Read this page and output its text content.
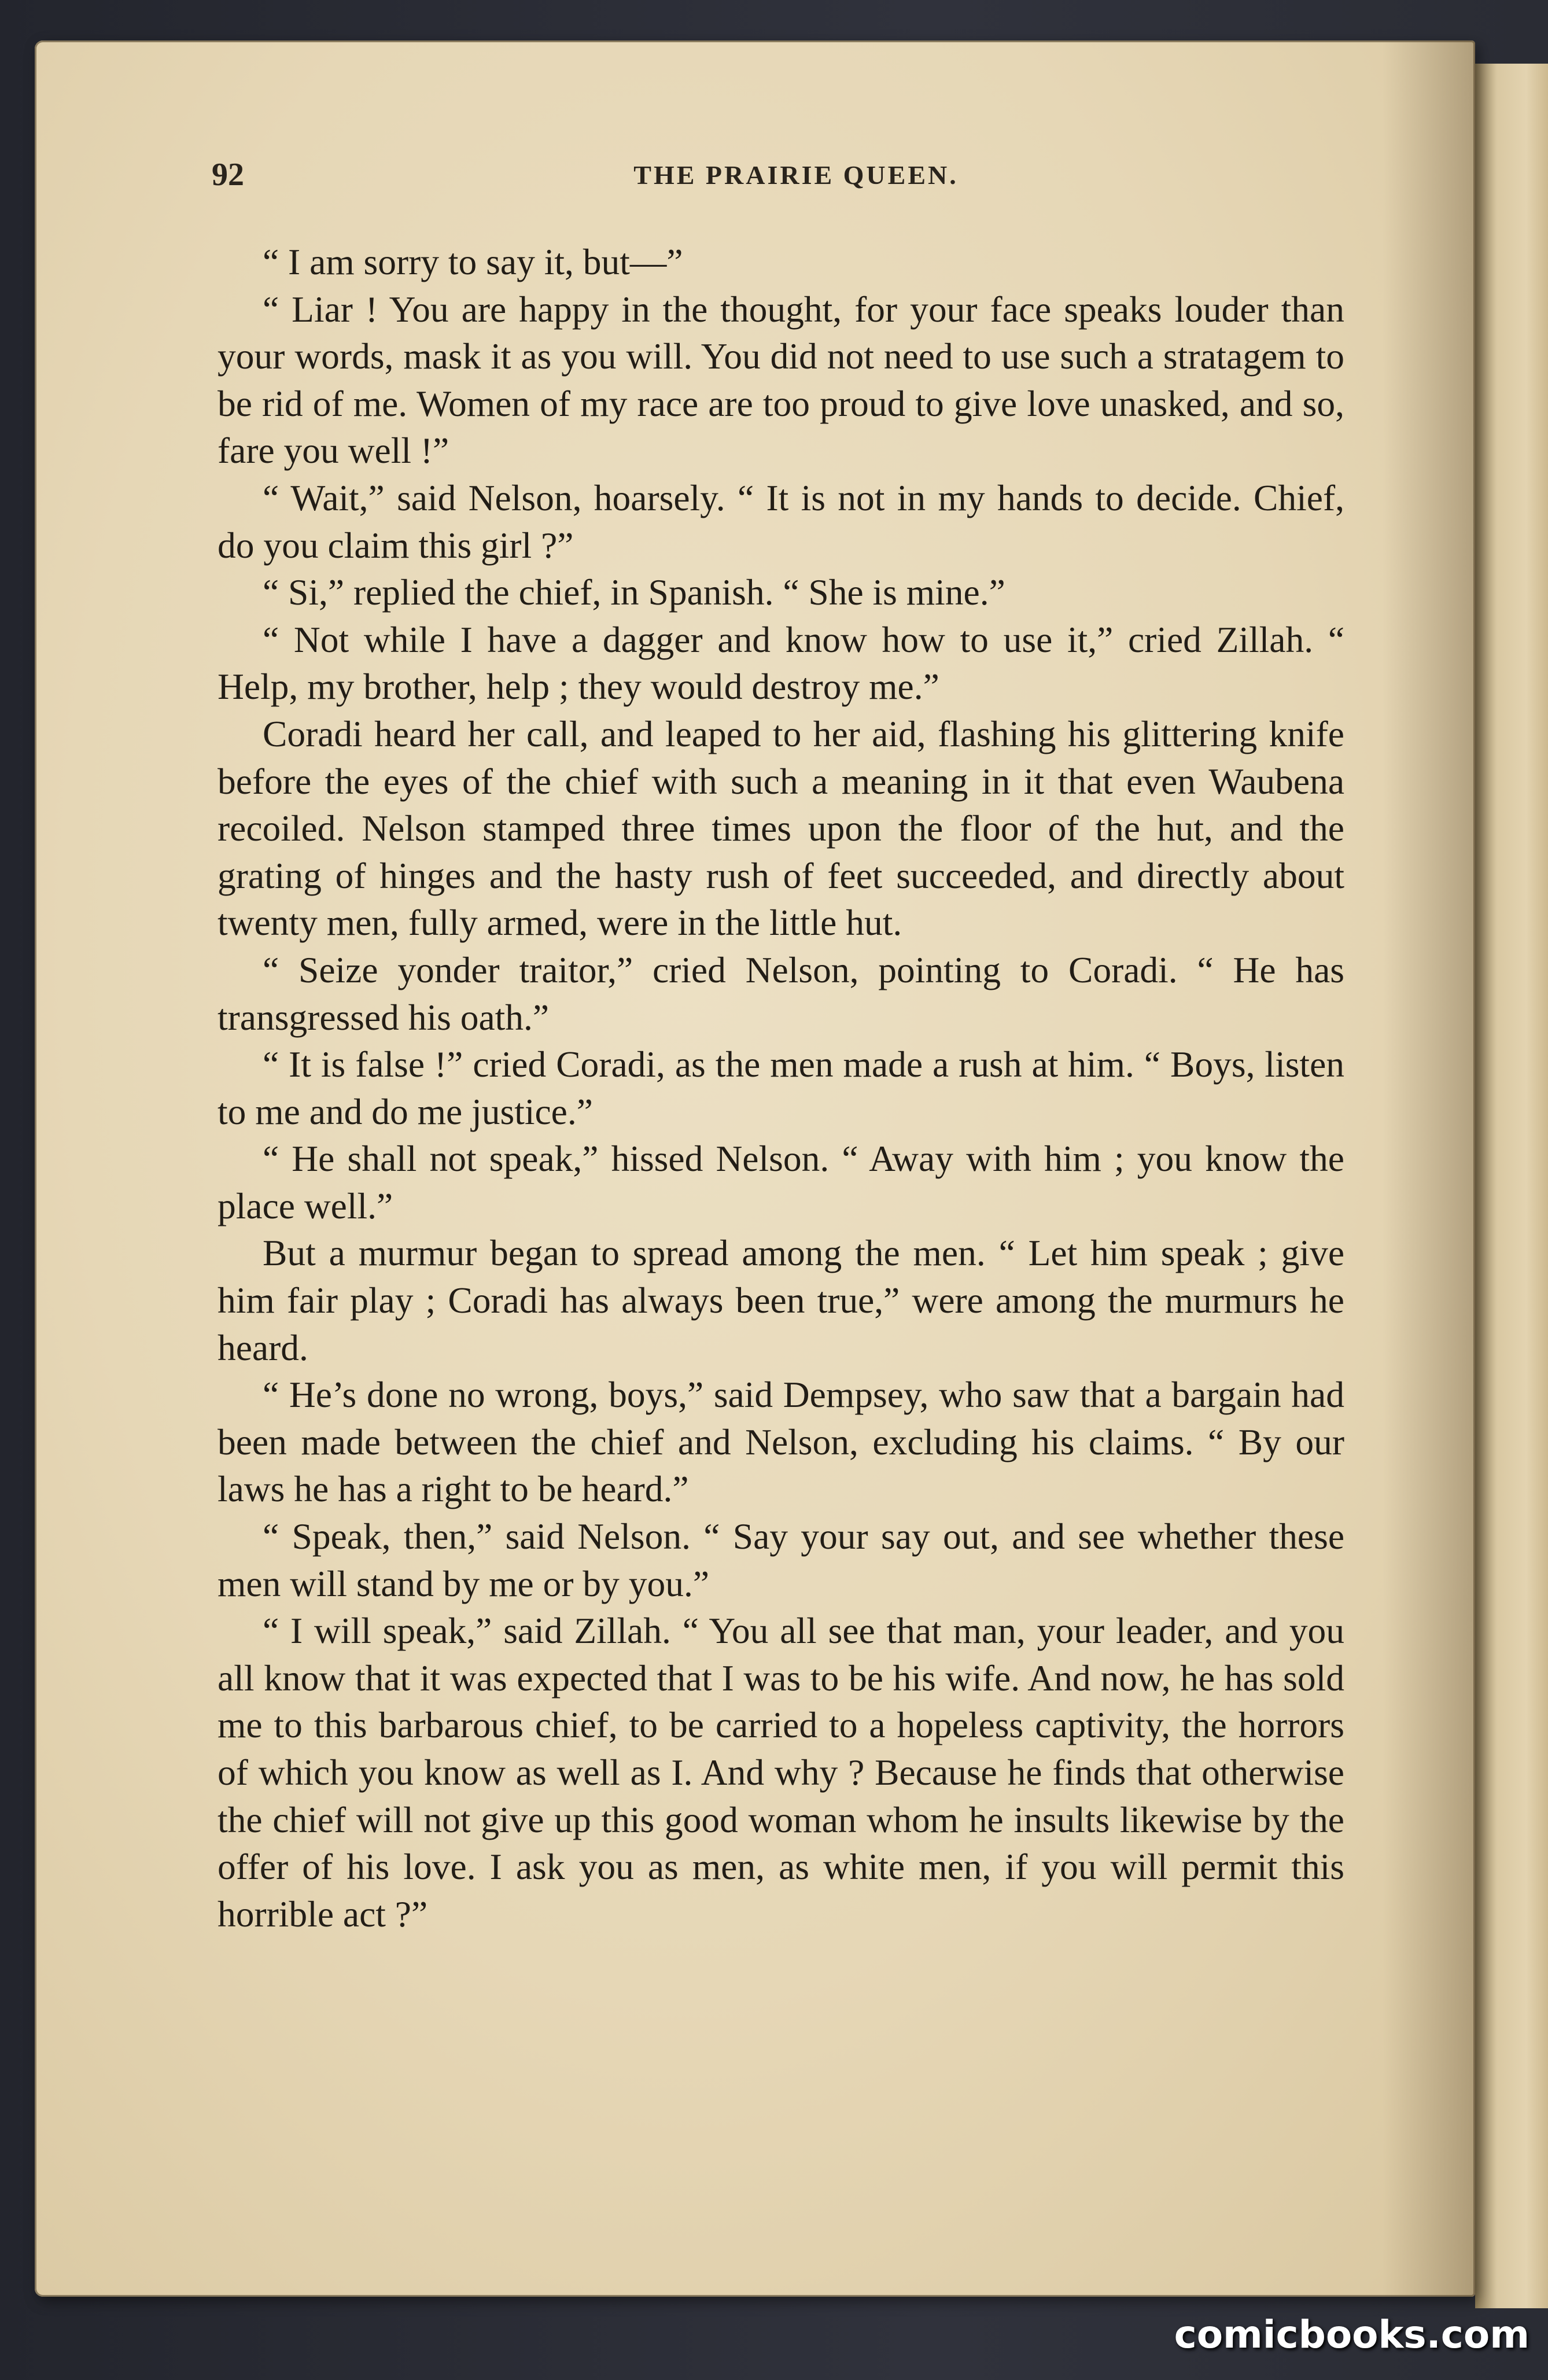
92	THE PRAIRIE QUEEN.

“ I am sorry to say it, but—”

“ Liar ! You are happy in the thought, for your face speaks louder than your words, mask it as you will. You did not need to use such a stratagem to be rid of me. Women of my race are too proud to give love unasked, and so, fare you well !”

“ Wait,” said Nelson, hoarsely. “ It is not in my hands to decide. Chief, do you claim this girl ?”

“ Si,” replied the chief, in Spanish. “ She is mine.”

“ Not while I have a dagger and know how to use it,” cried Zillah. “ Help, my brother, help ; they would destroy me.”

Coradi heard her call, and leaped to her aid, flashing his glittering knife before the eyes of the chief with such a meaning in it that even Waubena recoiled. Nelson stamped three times upon the floor of the hut, and the grating of hinges and the hasty rush of feet succeeded, and directly about twenty men, fully armed, were in the little hut.

“ Seize yonder traitor,” cried Nelson, pointing to Coradi. “ He has transgressed his oath.”

“ It is false !” cried Coradi, as the men made a rush at him. “ Boys, listen to me and do me justice.”

“ He shall not speak,” hissed Nelson. “ Away with him ; you know the place well.”

But a murmur began to spread among the men. “ Let him speak ; give him fair play ; Coradi has always been true,” were among the murmurs he heard.

“ He’s done no wrong, boys,” said Dempsey, who saw that a bargain had been made between the chief and Nelson, excluding his claims. “ By our laws he has a right to be heard.”

“ Speak, then,” said Nelson. “ Say your say out, and see whether these men will stand by me or by you.”

“ I will speak,” said Zillah. “ You all see that man, your leader, and you all know that it was expected that I was to be his wife. And now, he has sold me to this barbarous chief, to be carried to a hopeless captivity, the horrors of which you know as well as I. And why ? Because he finds that otherwise the chief will not give up this good woman whom he insults likewise by the offer of his love. I ask you as men, as white men, if you will permit this horrible act ?”

comicbooks.com
